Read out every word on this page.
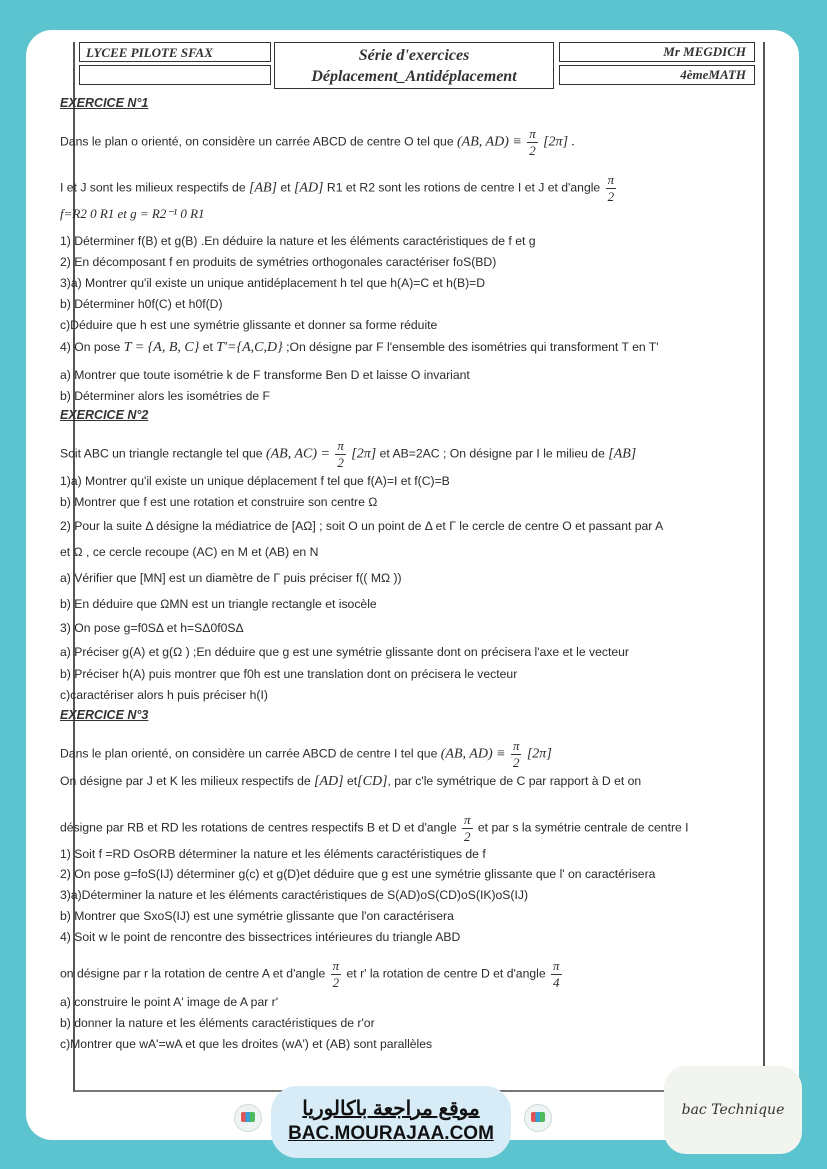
LYCEE PILOTE SFAX	Série d'exercices
Déplacement_Antidéplacement
Mr MEGDICH
4èmeMATH
EXERCICE N°1
Dans le plan o orienté, on considère un carrée ABCD de centre O tel que (AB, $AD) \equiv \frac{\pi}{2} [2\pi]$ .
I et J sont les milieux respectifs de [AB] et [AD] R1 et R2 sont les rotions de centre I et J et d'angle $\frac{\pi}{2}$
f=R2 0 R1 et g = R2⁻¹ 0 R1
1) Déterminer f(B) et g(B) .En déduire la nature et les éléments caractéristiques de f et g
2) En décomposant f en produits de symétries orthogonales caractériser foS(BD)
3)a) Montrer qu'il existe un unique antidéplacement h tel que h(A)=C et h(B)=D
b) Déterminer h0f(C) et h0f(D)
c)Déduire que h est une symétrie glissante et donner sa forme réduite
4) On pose T = {A, B, C} et T'={A,C,D} ;On désigne par F l'ensemble des isométries qui transforment T en T'
a) Montrer que toute isométrie k de F transforme Ben D et laisse O invariant
b) Déterminer alors les isométries de F
EXERCICE N°2
Soit ABC un triangle rectangle tel que (AB, $AC) = \frac{\pi}{2} [2\pi]$ et AB=2AC ; On désigne par I le milieu de [AB]
1)a) Montrer qu'il existe un unique déplacement f tel que f(A)=I et f(C)=B
b) Montrer que f est une rotation et construire son centre Ω
2) Pour la suite Δ désigne la médiatrice de [AΩ] ; soit O un point de Δ et Γ le cercle de centre O et passant par A
et Ω , ce cercle recoupe (AC) en M et (AB) en N
a) Vérifier que [MN] est un diamètre de Γ puis préciser f(( MΩ ))
b) En déduire que ΩMN est un triangle rectangle et isocèle
3) On pose g=f0SΔ et h=SΔ0f0SΔ
a) Préciser g(A) et g(Ω ) ;En déduire que g est une symétrie glissante dont on précisera l'axe et le vecteur
b) Préciser h(A) puis montrer que f0h est une translation dont on précisera le vecteur
c)caractériser alors h puis préciser h(I)
EXERCICE N°3
Dans le plan orienté, on considère un carrée ABCD de centre I tel que (AB, $AD) \equiv \frac{\pi}{2} [2\pi]$
On désigne par J et K les milieux respectifs de [AD] et[CD], par c'le symétrique de C par rapport à D et on
désigne par RB et RD les rotations de centres respectifs B et D et d'angle $\frac{\pi}{2}$ et par s la symétrie centrale de centre I
1) Soit f =RD OsORB déterminer la nature et les éléments caractéristiques de f
2) On pose g=foS(IJ) déterminer g(c) et g(D)et déduire que g est une symétrie glissante que l' on caractérisera
3)a)Déterminer la nature et les éléments caractéristiques de S(AD)oS(CD)oS(IK)oS(IJ)
b) Montrer que SxoS(IJ) est une symétrie glissante que l'on caractérisera
4) Soit w le point de rencontre des bissectrices intérieures du triangle ABD
on désigne par r la rotation de centre A et d'angle $\frac{\pi}{2}$ et r' la rotation de centre D et d'angle $\frac{\pi}{4}$
a) construire le point A' image de A par r'
b) donner la nature et les éléments caractéristiques de r'or
c)Montrer que wA'=wA et que les droites (wA') et (AB) sont parallèles
موقع مراجعة باكالوريا
BAC.MOURAJAA.COM
bac Technique
